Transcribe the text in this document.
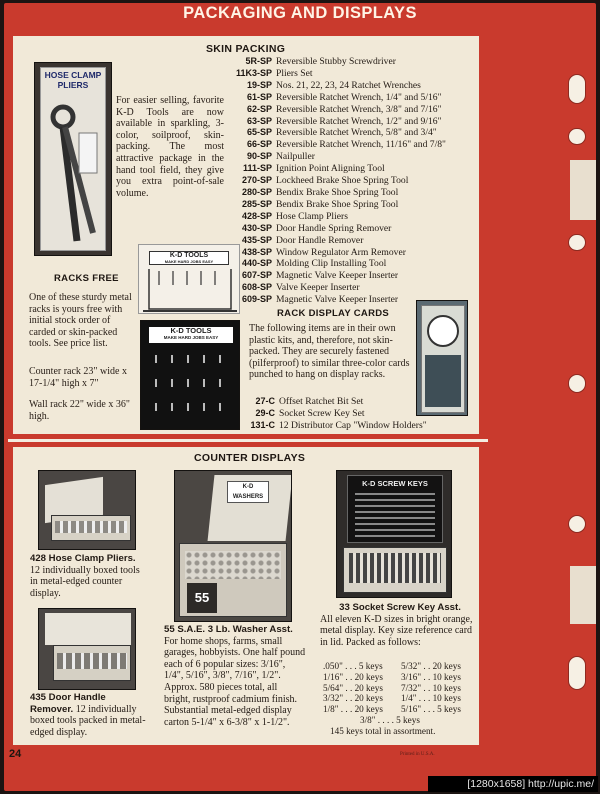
PACKAGING AND DISPLAYS
SKIN PACKING
HOSE CLAMP PLIERS
For easier selling, favorite K-D Tools are now available in sparkling, 3-color, soilproof, skin-packing. The most attractive package in the hand tool field, they give you extra point-of-sale volume.
5R-SP Reversible Stubby Screwdriver
11K3-SP Pliers Set
19-SP Nos. 21, 22, 23, 24 Ratchet Wrenches
61-SP Reversible Ratchet Wrench, 1/4" and 5/16"
62-SP Reversible Ratchet Wrench, 3/8" and 7/16"
63-SP Reversible Ratchet Wrench, 1/2" and 9/16"
65-SP Reversible Ratchet Wrench, 5/8" and 3/4"
66-SP Reversible Ratchet Wrench, 11/16" and 7/8"
90-SP Nailpuller
111-SP Ignition Point Aligning Tool
270-SP Lockheed Brake Shoe Spring Tool
280-SP Bendix Brake Shoe Spring Tool
285-SP Bendix Brake Shoe Spring Tool
428-SP Hose Clamp Pliers
430-SP Door Handle Spring Remover
435-SP Door Handle Remover
438-SP Window Regulator Arm Remover
440-SP Molding Clip Installing Tool
607-SP Magnetic Valve Keeper Inserter
608-SP Valve Keeper Inserter
609-SP Magnetic Valve Keeper Inserter
K-D TOOLS
MAKE HARD JOBS EASY
K-D TOOLS
MAKE HARD JOBS EASY
RACKS FREE
One of these sturdy metal racks is yours free with initial stock order of carded or skin-packed tools. See price list.
Counter rack 23" wide x 17-1/4" high x 7"
Wall rack 22" wide x 36" high.
RACK DISPLAY CARDS
The following items are in their own plastic kits, and, therefore, not skin-packed. They are securely fastened (pilferproof) to similar three-color cards punched to hang on display racks.
27-C Offset Ratchet Bit Set
29-C Socket Screw Key Set
131-C 12 Distributor Cap "Window Holders"
COUNTER DISPLAYS
428 Hose Clamp Pliers. 12 individually boxed tools in metal-edged counter display.
435 Door Handle Remover. 12 individually boxed tools packed in metal-edged display.
K-D WASHERS
55
55 S.A.E. 3 Lb. Washer Asst.
For home shops, farms, small garages, hobbyists. One half pound each of 6 popular sizes: 3/16", 1/4", 5/16", 3/8", 7/16", 1/2". Approx. 580 pieces total, all bright, rustproof cadmium finish. Substantial metal-edged display carton 5-1/4" x 6-3/8" x 1-1/2".
K-D SCREW KEYS
33 Socket Screw Key Asst.
All eleven K-D sizes in bright orange, metal display. Key size reference card in lid. Packed as follows:
.050" . . . 5 keys	5/32" . . 20 keys
1/16" . . 20 keys	3/16" . . 10 keys
5/64" . . 20 keys	7/32" . . 10 keys
3/32" . . 20 keys	1/4" . . . 10 keys
1/8" . . . 20 keys	5/16" . . . 5 keys
3/8" . . . . 5 keys
145 keys total in assortment.
24	Printed in U.S.A.
[1280x1658] http://upic.me/
